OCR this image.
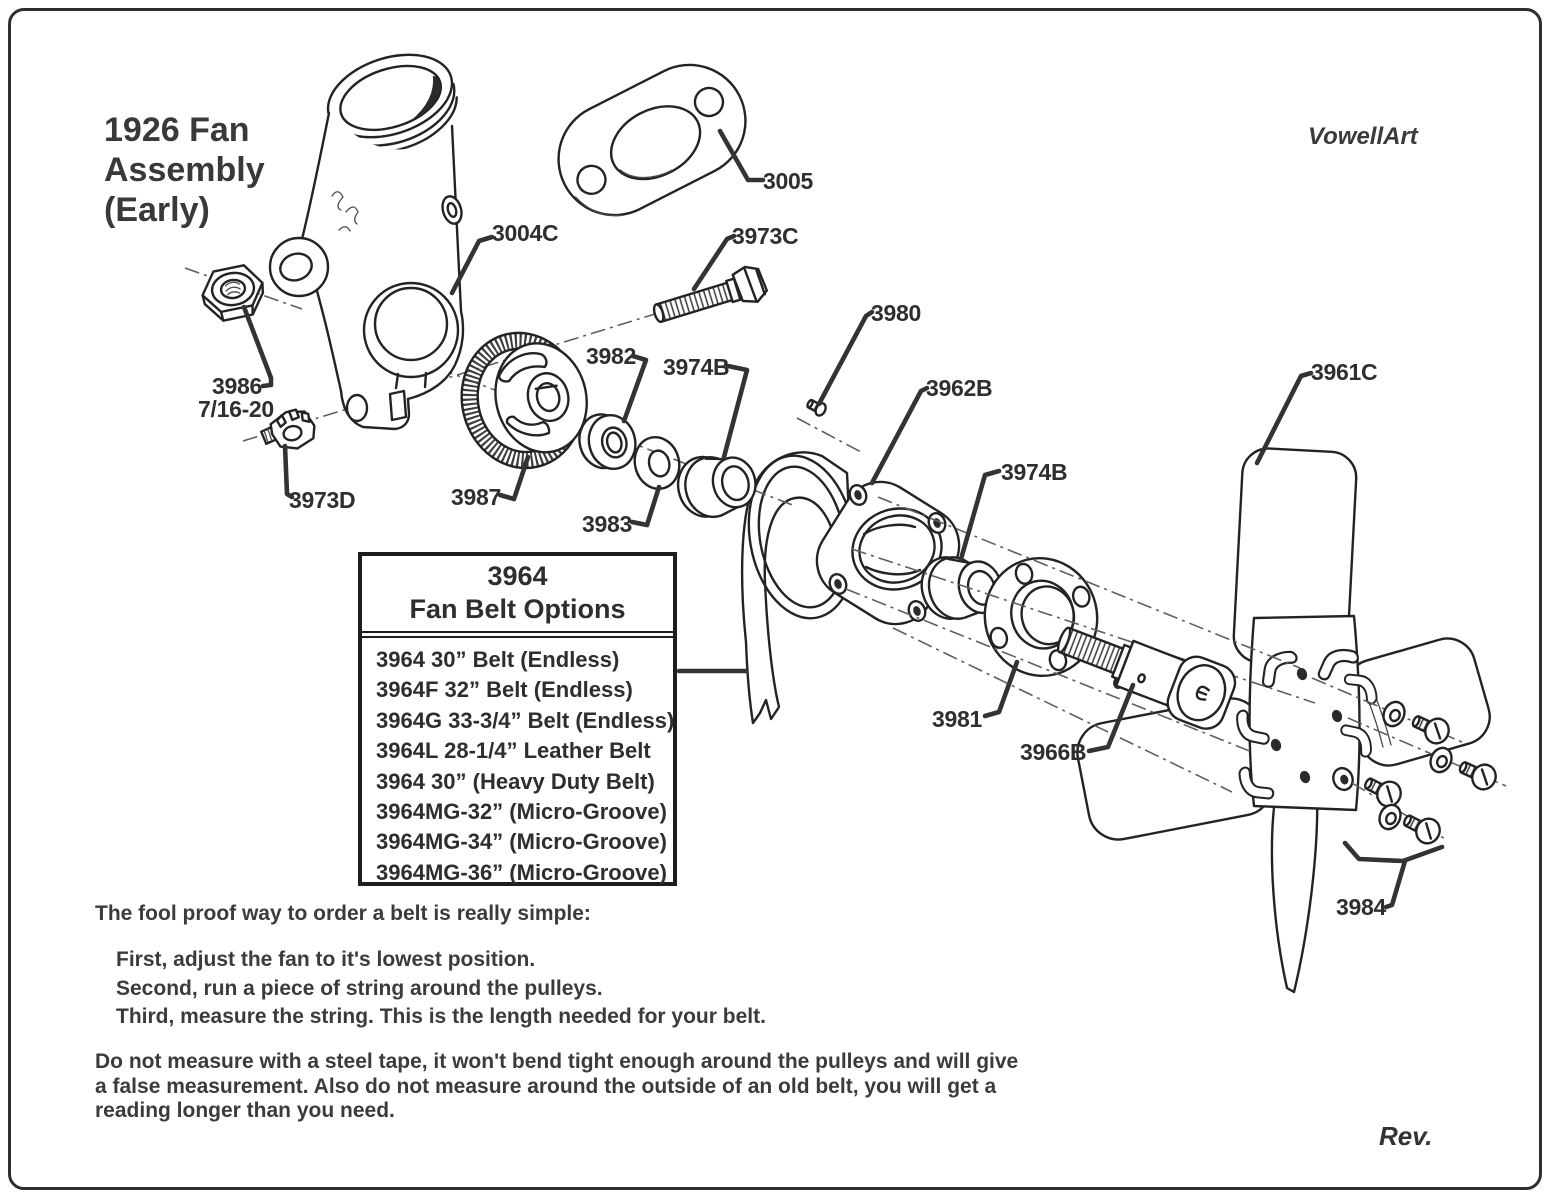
1926 Fan
Assembly
(Early)
VowellArt
Rev.
3005
3004C	3973C
3980
3962B
3961C
3986
7/16-20
3973D
3982 3974B
3987
3983
3974B
3981
3966B
3984
3964
Fan Belt Options
3964 30” Belt (Endless)
3964F 32” Belt (Endless)
3964G 33-3/4” Belt (Endless)
3964L 28-1/4” Leather Belt
3964 30” (Heavy Duty Belt)
3964MG-32” (Micro-Groove)
3964MG-34” (Micro-Groove)
3964MG-36” (Micro-Groove)
The fool proof way to order a belt is really simple:
First, adjust the fan to it's lowest position.
Second, run a piece of string around the pulleys.
Third, measure the string. This is the length needed for your belt.
Do not measure with a steel tape, it won't bend tight enough around the pulleys and will give a false measurement. Also do not measure around the outside of an old belt, you will get a reading longer than you need.
